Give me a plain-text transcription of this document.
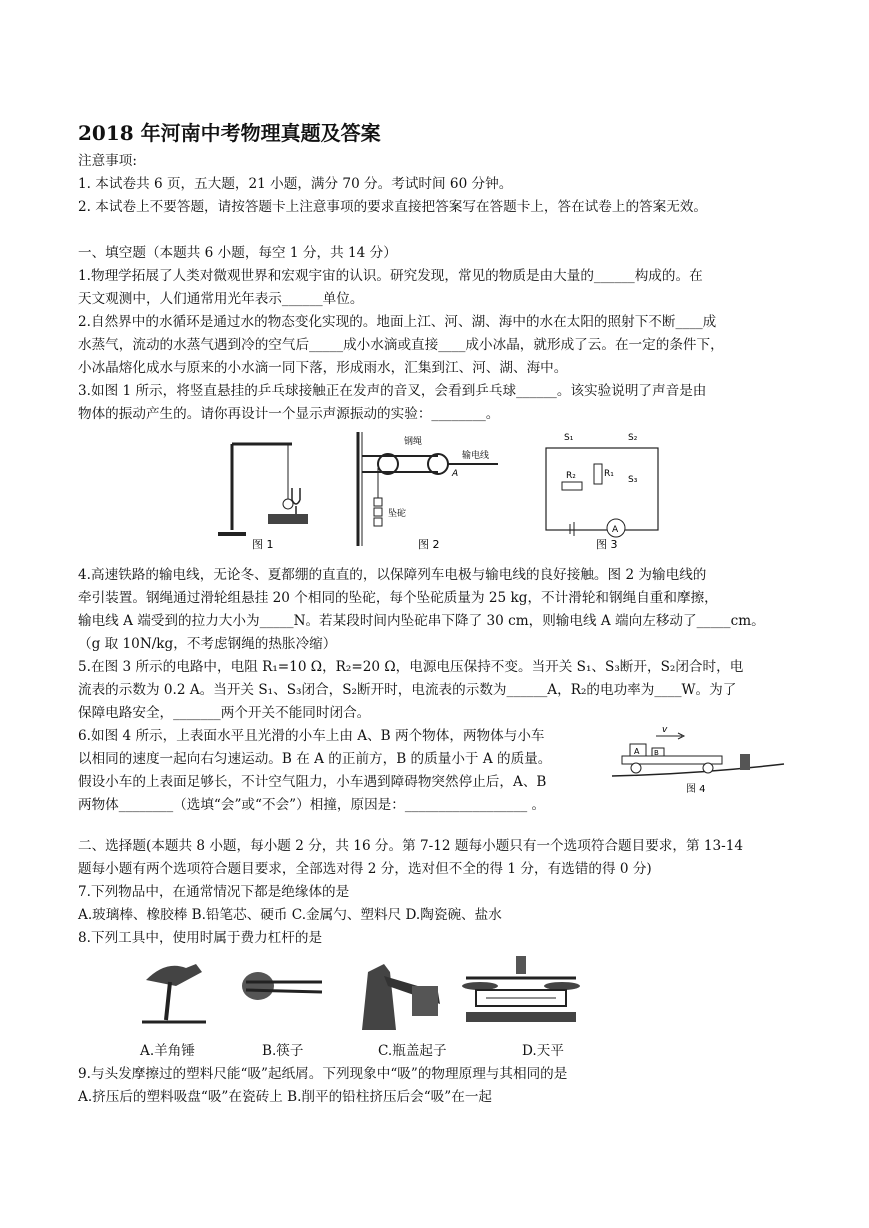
2018 年河南中考物理真题及答案
注意事项:
1. 本试卷共 6 页，五大题，21 小题，满分 70 分。考试时间 60 分钟。
2. 本试卷上不要答题，请按答题卡上注意事项的要求直接把答案写在答题卡上，答在试卷上的答案无效。
一、填空题（本题共 6 小题，每空 1 分，共 14 分）
1.物理学拓展了人类对微观世界和宏观宇宙的认识。研究发现，常见的物质是由大量的______构成的。在
天文观测中，人们通常用光年表示______单位。
2.自然界中的水循环是通过水的物态变化实现的。地面上江、河、湖、海中的水在太阳的照射下不断____成
水蒸气，流动的水蒸气遇到冷的空气后_____成小水滴或直接____成小冰晶，就形成了云。在一定的条件下，
小冰晶熔化成水与原来的小水滴一同下落，形成雨水，汇集到江、河、湖、海中。
3.如图 1 所示，将竖直悬挂的乒乓球接触正在发声的音叉，会看到乒乓球______。该实验说明了声音是由
物体的振动产生的。请你再设计一个显示声源振动的实验：________。
图 1
钢绳
输电线
A
坠砣
图 2
A
S₁	S₂
S₃
R₁
R₂
图 3
4.高速铁路的输电线，无论冬、夏都绷的直直的，以保障列车电极与输电线的良好接触。图 2 为输电线的
牵引装置。钢绳通过滑轮组悬挂 20 个相同的坠砣，每个坠砣质量为 25 kg，不计滑轮和钢绳自重和摩擦，
输电线 A 端受到的拉力大小为_____N。若某段时间内坠砣串下降了 30 cm，则输电线 A 端向左移动了_____cm。
（g 取 10N/kg，不考虑钢绳的热胀冷缩）
5.在图 3 所示的电路中，电阻 R₁=10 Ω，R₂=20 Ω，电源电压保持不变。当开关 S₁、S₃断开，S₂闭合时，电
流表的示数为 0.2 A。当开关 S₁、S₃闭合，S₂断开时，电流表的示数为______A，R₂的电功率为____W。为了
保障电路安全，_______两个开关不能同时闭合。
6.如图 4 所示，上表面水平且光滑的小车上由 A、B 两个物体，两物体与小车
以相同的速度一起向右匀速运动。B 在 A 的正前方，B 的质量小于 A 的质量。
假设小车的上表面足够长，不计空气阻力，小车遇到障碍物突然停止后，A、B
两物体________（选填“会”或“不会”）相撞，原因是：__________________ 。
v
A B
图 4
二、选择题(本题共 8 小题，每小题 2 分，共 16 分。第 7-12 题每小题只有一个选项符合题目要求，第 13-14
题每小题有两个选项符合题目要求，全部选对得 2 分，选对但不全的得 1 分，有选错的得 0 分)
7.下列物品中，在通常情况下都是绝缘体的是
A.玻璃棒、橡胶棒 B.铅笔芯、硬币 C.金属勺、塑料尺 D.陶瓷碗、盐水
8.下列工具中，使用时属于费力杠杆的是
A.羊角锤	B.筷子	C.瓶盖起子	D.天平
9.与头发摩擦过的塑料尺能“吸”起纸屑。下列现象中“吸”的物理原理与其相同的是
A.挤压后的塑料吸盘“吸”在瓷砖上 B.削平的铅柱挤压后会“吸”在一起
